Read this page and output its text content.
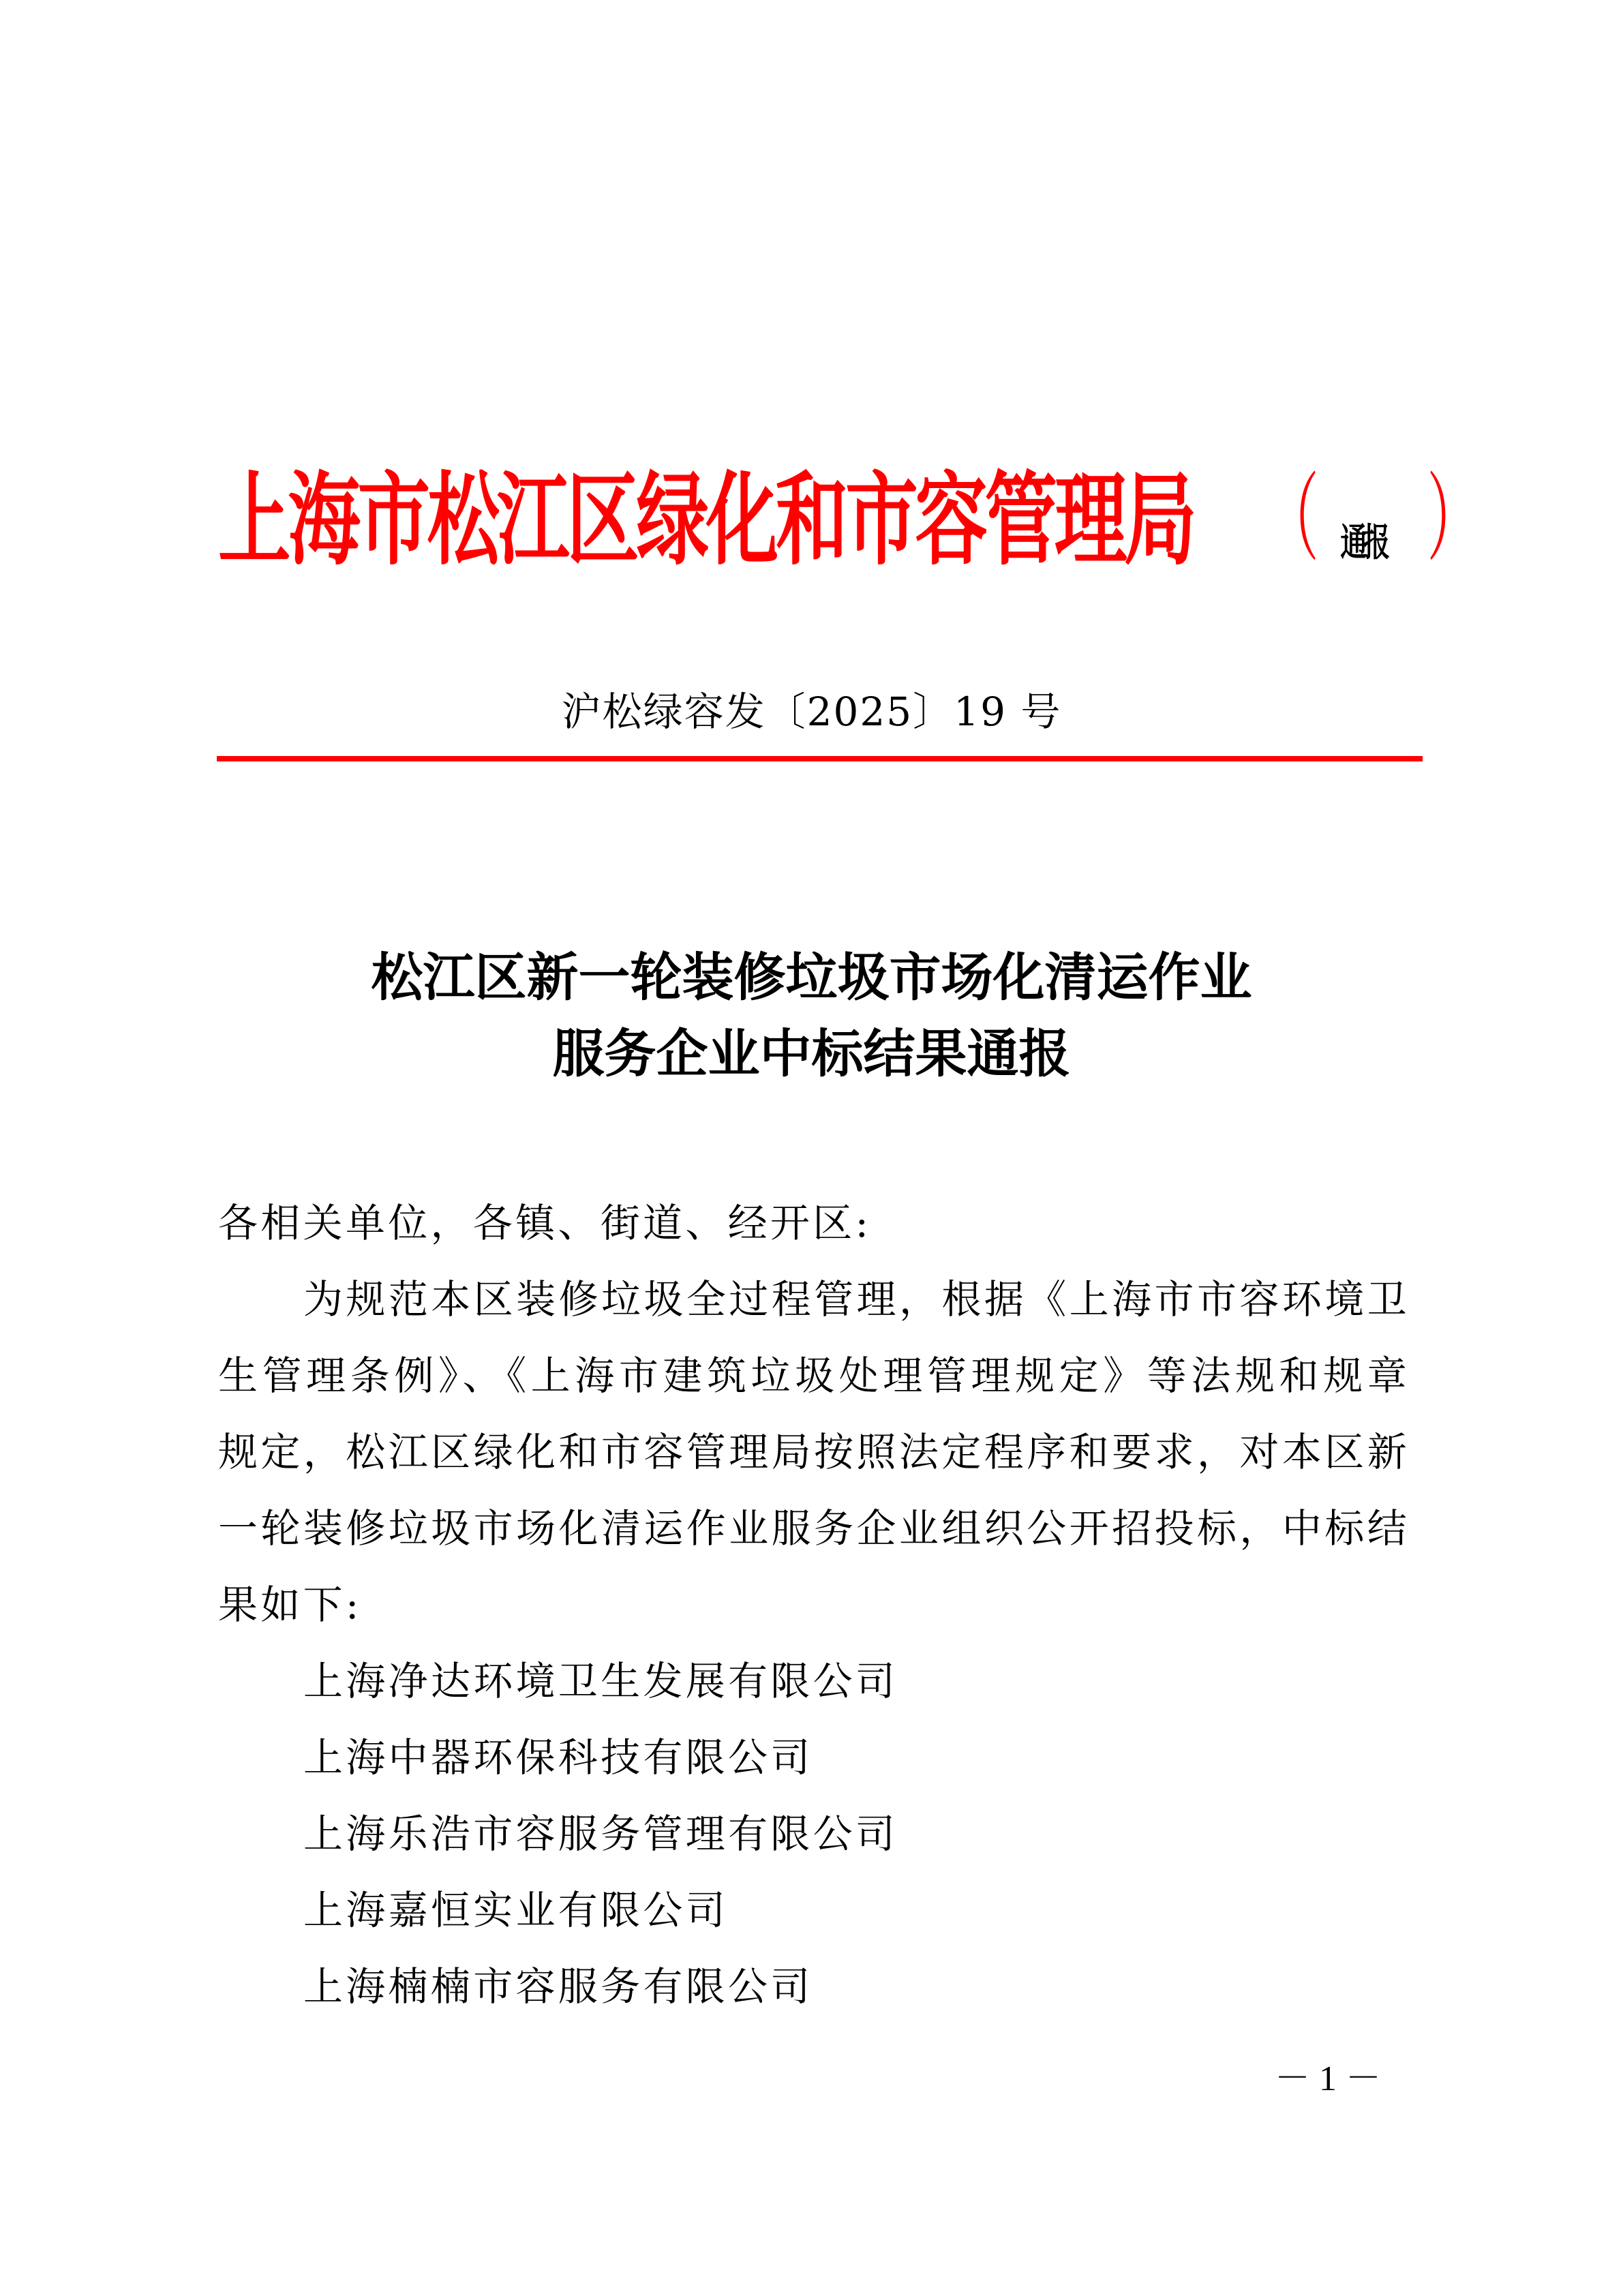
上海市松江区绿化和市容管理局 （ 通报 ）
沪松绿容发〔2025〕19 号
松江区新一轮装修垃圾市场化清运作业
服务企业中标结果通报

各相关单位，各镇、街道、经开区:

为规范本区装修垃圾全过程管理，根据《上海市市容环境卫生管理条例》、《上海市建筑垃圾处理管理规定》等法规和规章规定，松江区绿化和市容管理局按照法定程序和要求，对本区新一轮装修垃圾市场化清运作业服务企业组织公开招投标，中标结果如下:

上海净达环境卫生发展有限公司
上海中器环保科技有限公司
上海乐浩市容服务管理有限公司
上海嘉恒实业有限公司
上海楠楠市容服务有限公司
－ 1 －
